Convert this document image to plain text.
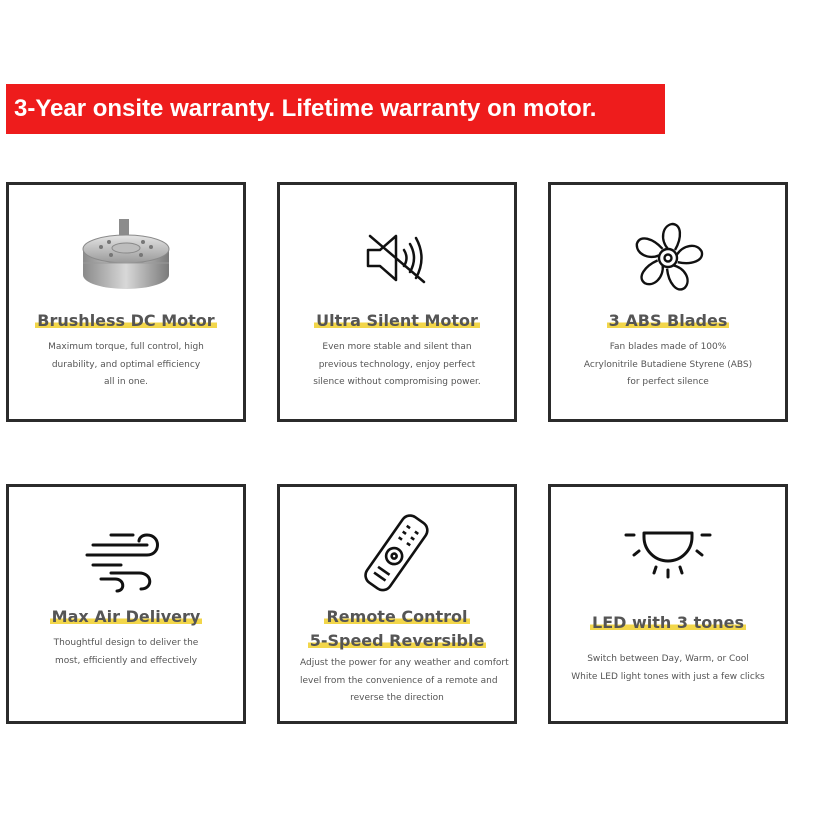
3-Year onsite warranty. Lifetime warranty on motor.
Brushless DC Motor
Maximum torque, full control, high
durability, and optimal efficiency
all in one.
Ultra Silent Motor
Even more stable and silent than
previous technology, enjoy perfect
silence without compromising power.
3 ABS Blades
Fan blades made of 100%
Acrylonitrile Butadiene Styrene (ABS)
for perfect silence
Max Air Delivery
Thoughtful design to deliver the
most, efficiently and effectively
Remote Control
5-Speed Reversible
Adjust the power for any weather and comfort
level from the convenience of a remote and
reverse the direction
LED with 3 tones
Switch between Day, Warm, or Cool
White LED light tones with just a few clicks
